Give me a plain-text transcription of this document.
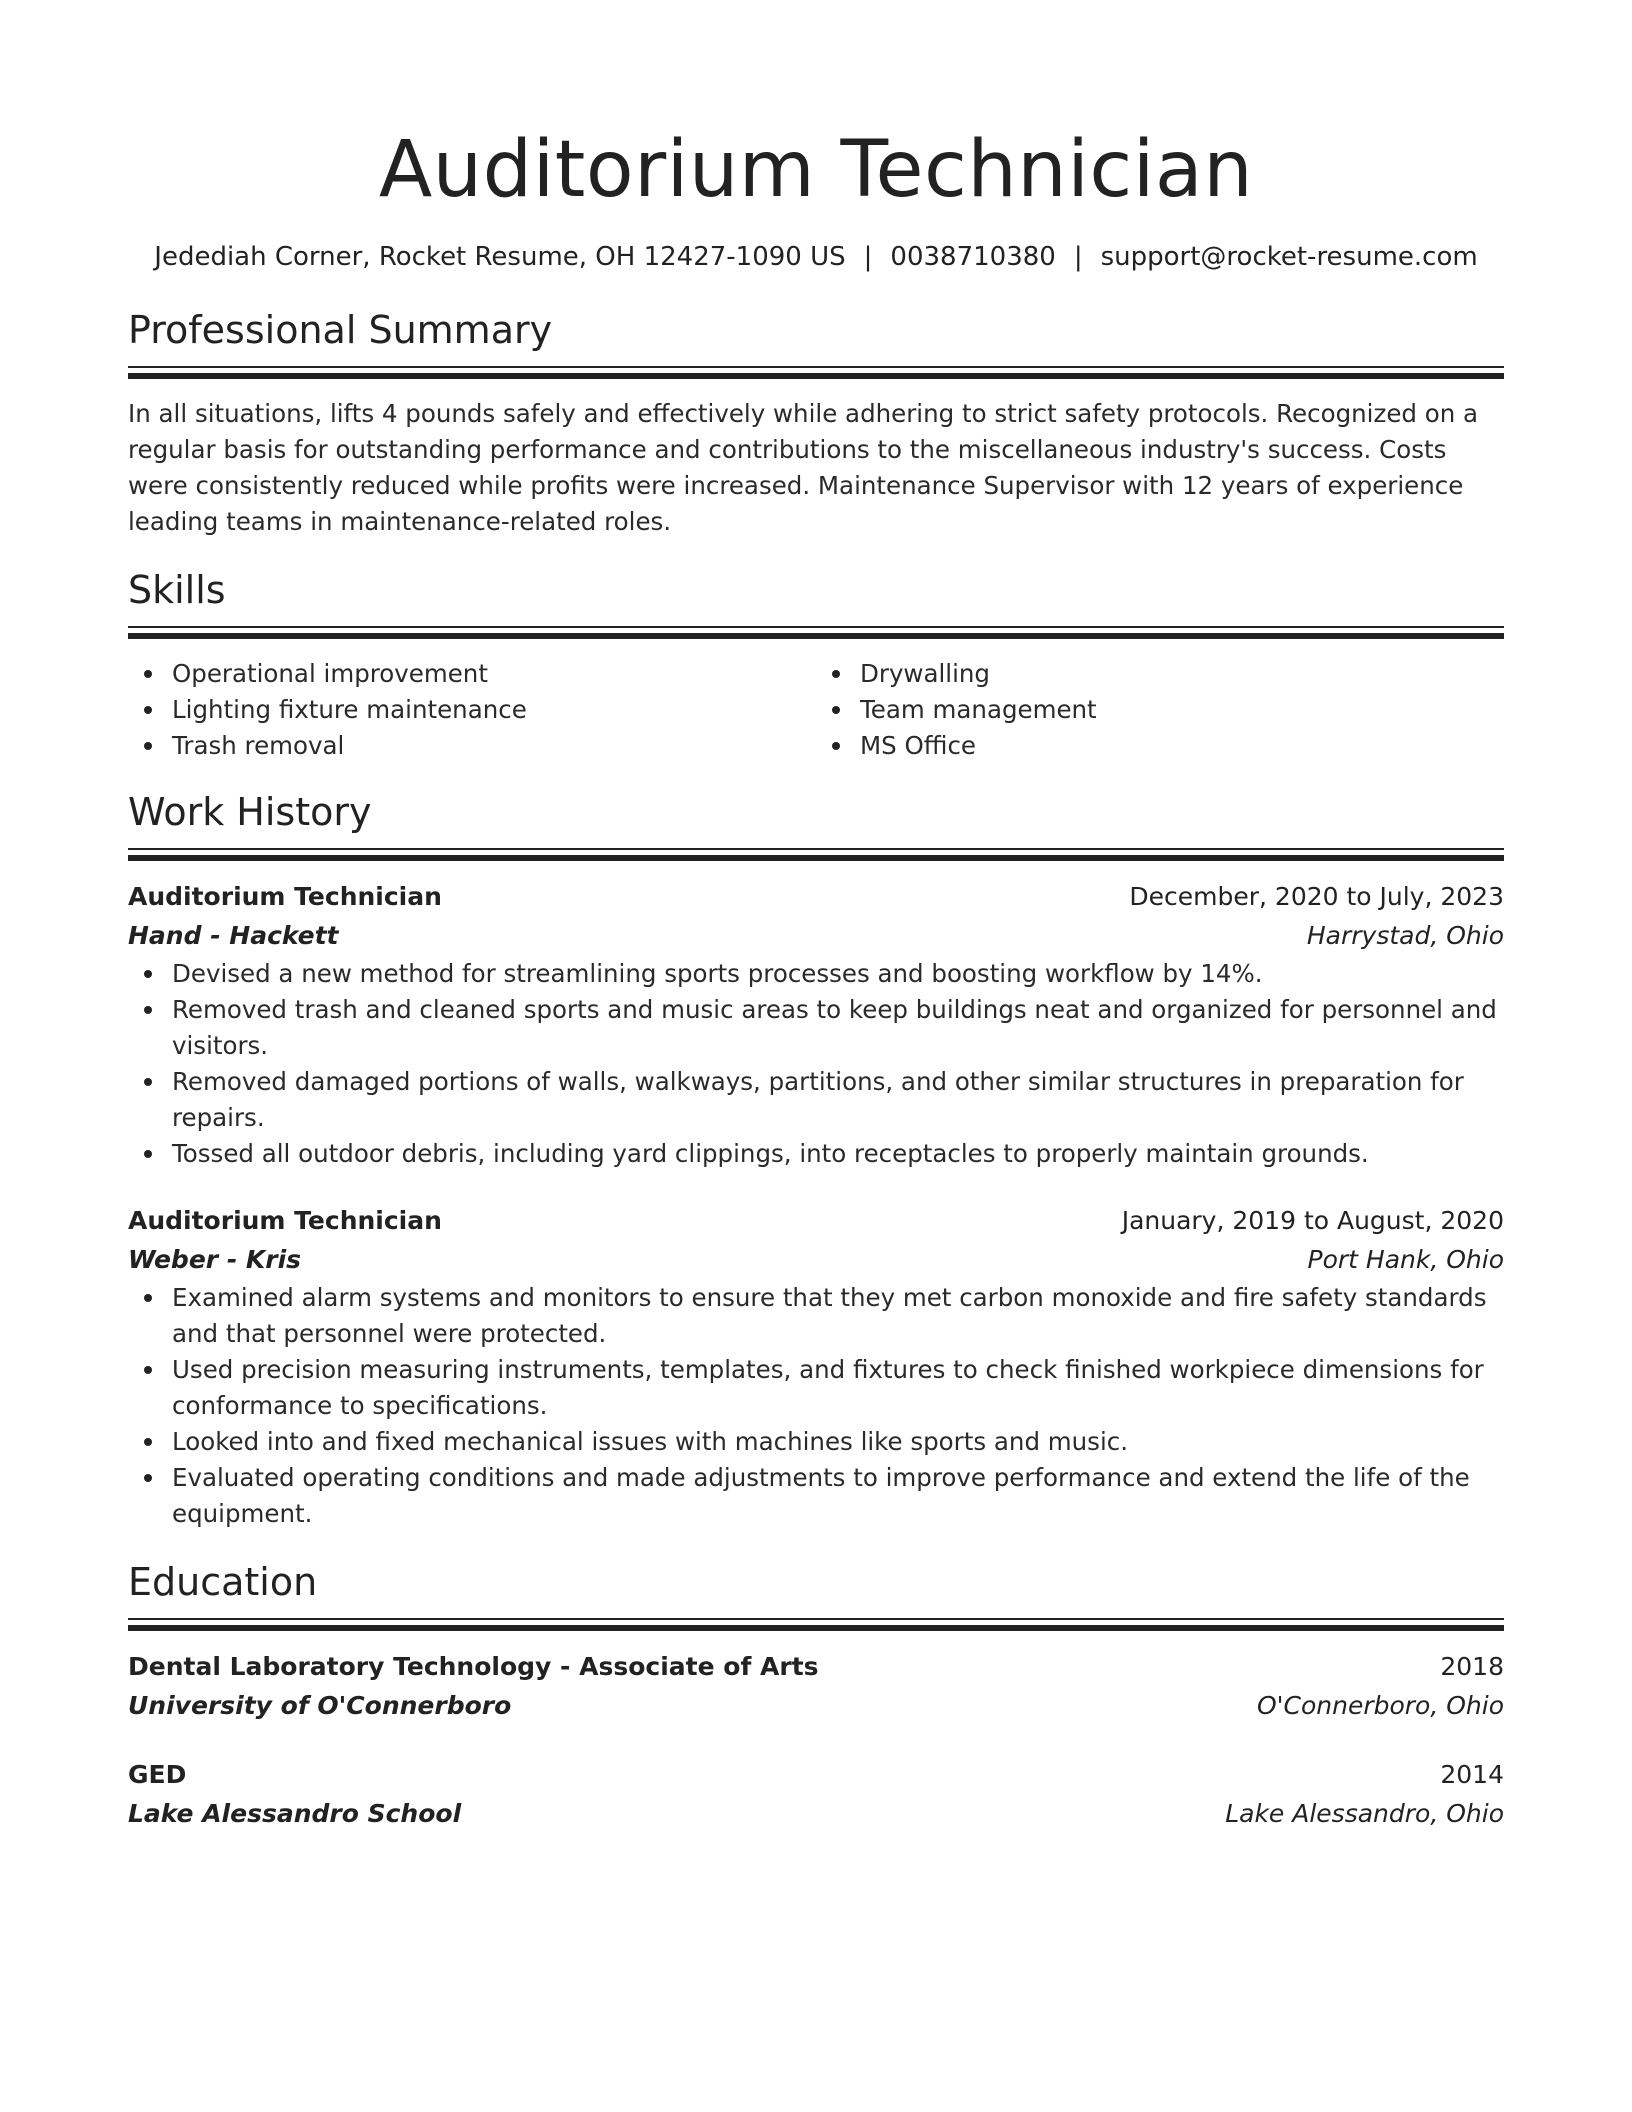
Auditorium Technician
Jedediah Corner, Rocket Resume, OH 12427-1090 US | 0038710380 | support@rocket-resume.com
Professional Summary
In all situations, lifts 4 pounds safely and effectively while adhering to strict safety protocols. Recognized on a regular basis for outstanding performance and contributions to the miscellaneous industry's success. Costs were consistently reduced while profits were increased. Maintenance Supervisor with 12 years of experience leading teams in maintenance-related roles.
Skills
Operational improvement
Lighting fixture maintenance
Trash removal
Drywalling
Team management
MS Office
Work History
Auditorium Technician	December, 2020 to July, 2023
Hand - Hackett	Harrystad, Ohio
Devised a new method for streamlining sports processes and boosting workflow by 14%.
Removed trash and cleaned sports and music areas to keep buildings neat and organized for personnel and visitors.
Removed damaged portions of walls, walkways, partitions, and other similar structures in preparation for repairs.
Tossed all outdoor debris, including yard clippings, into receptacles to properly maintain grounds.
Auditorium Technician	January, 2019 to August, 2020
Weber - Kris	Port Hank, Ohio
Examined alarm systems and monitors to ensure that they met carbon monoxide and fire safety standards and that personnel were protected.
Used precision measuring instruments, templates, and fixtures to check finished workpiece dimensions for conformance to specifications.
Looked into and fixed mechanical issues with machines like sports and music.
Evaluated operating conditions and made adjustments to improve performance and extend the life of the equipment.
Education
Dental Laboratory Technology - Associate of Arts	2018
University of O'Connerboro	O'Connerboro, Ohio
GED	2014
Lake Alessandro School	Lake Alessandro, Ohio
